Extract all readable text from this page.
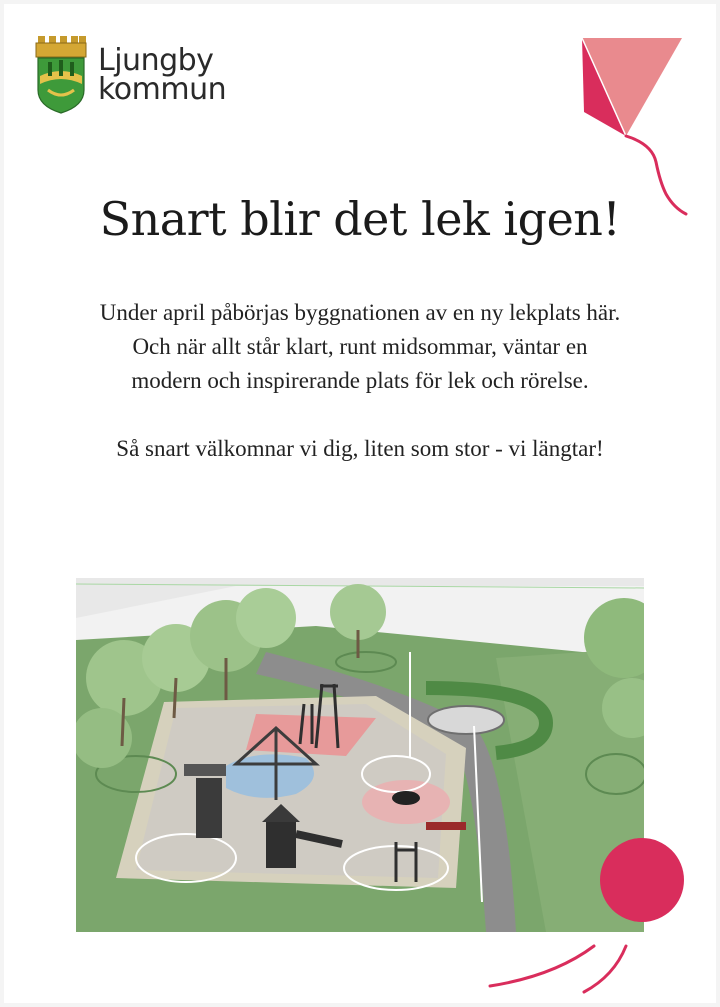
Ljungby
kommun
Snart blir det lek igen!

Under april påbörjas byggnationen av en ny lekplats här.

Och när allt står klart, runt midsommar, väntar en

modern och inspirerande plats för lek och rörelse.

Så snart välkomnar vi dig, liten som stor - vi längtar!
